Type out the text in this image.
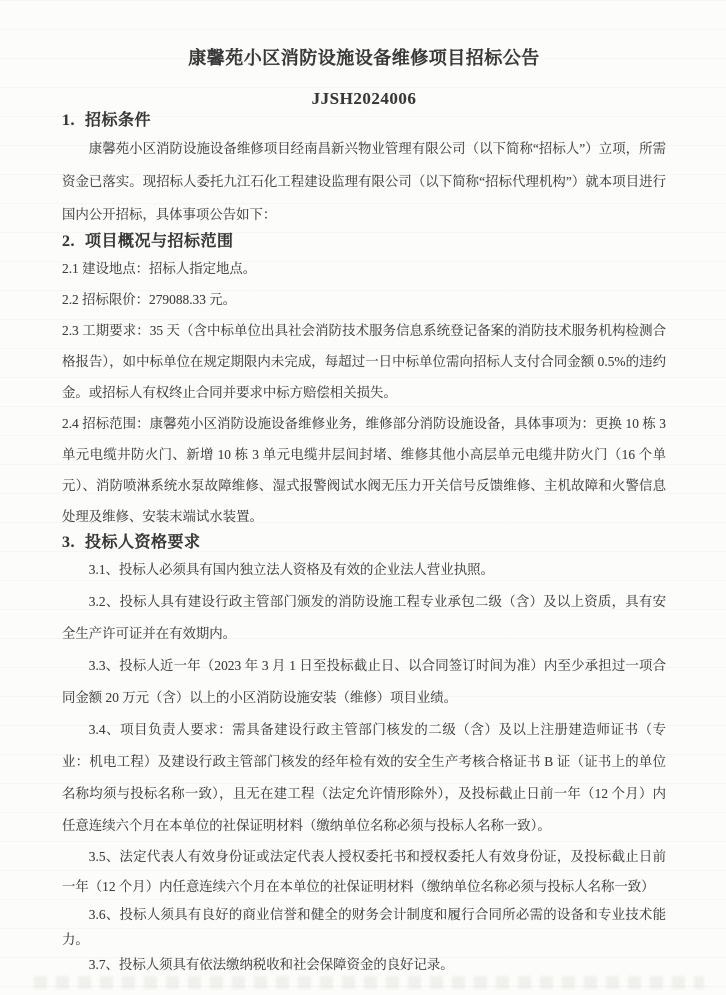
康馨苑小区消防设施设备维修项目招标公告
JJSH2024006
1. 招标条件

康馨苑小区消防设施设备维修项目经南昌新兴物业管理有限公司（以下简称“招标人”）立项，所需资金已落实。现招标人委托九江石化工程建设监理有限公司（以下简称“招标代理机构”）就本项目进行国内公开招标，具体事项公告如下：

2. 项目概况与招标范围

2.1 建设地点：招标人指定地点。

2.2 招标限价：279088.33 元。

2.3 工期要求：35 天（含中标单位出具社会消防技术服务信息系统登记备案的消防技术服务机构检测合格报告），如中标单位在规定期限内未完成，每超过一日中标单位需向招标人支付合同金额 0.5%的违约金。或招标人有权终止合同并要求中标方赔偿相关损失。

2.4 招标范围：康馨苑小区消防设施设备维修业务，维修部分消防设施设备，具体事项为：更换 10 栋 3 单元电缆井防火门、新增 10 栋 3 单元电缆井层间封堵、维修其他小高层单元电缆井防火门（16 个单元）、消防喷淋系统水泵故障维修、湿式报警阀试水阀无压力开关信号反馈维修、主机故障和火警信息处理及维修、安装末端试水装置。

3. 投标人资格要求

3.1、投标人必须具有国内独立法人资格及有效的企业法人营业执照。

3.2、投标人具有建设行政主管部门颁发的消防设施工程专业承包二级（含）及以上资质，具有安全生产许可证并在有效期内。

3.3、投标人近一年（2023 年 3 月 1 日至投标截止日、以合同签订时间为准）内至少承担过一项合同金额 20 万元（含）以上的小区消防设施安装（维修）项目业绩。

3.4、项目负责人要求：需具备建设行政主管部门核发的二级（含）及以上注册建造师证书（专业：机电工程）及建设行政主管部门核发的经年检有效的安全生产考核合格证书 B 证（证书上的单位名称均须与投标名称一致），且无在建工程（法定允许情形除外），及投标截止日前一年（12 个月）内任意连续六个月在本单位的社保证明材料（缴纳单位名称必须与投标人名称一致）。

3.5、法定代表人有效身份证或法定代表人授权委托书和授权委托人有效身份证，及投标截止日前一年（12 个月）内任意连续六个月在本单位的社保证明材料（缴纳单位名称必须与投标人名称一致）

3.6、投标人须具有良好的商业信誉和健全的财务会计制度和履行合同所必需的设备和专业技术能力。

3.7、投标人须具有依法缴纳税收和社会保障资金的良好记录。
